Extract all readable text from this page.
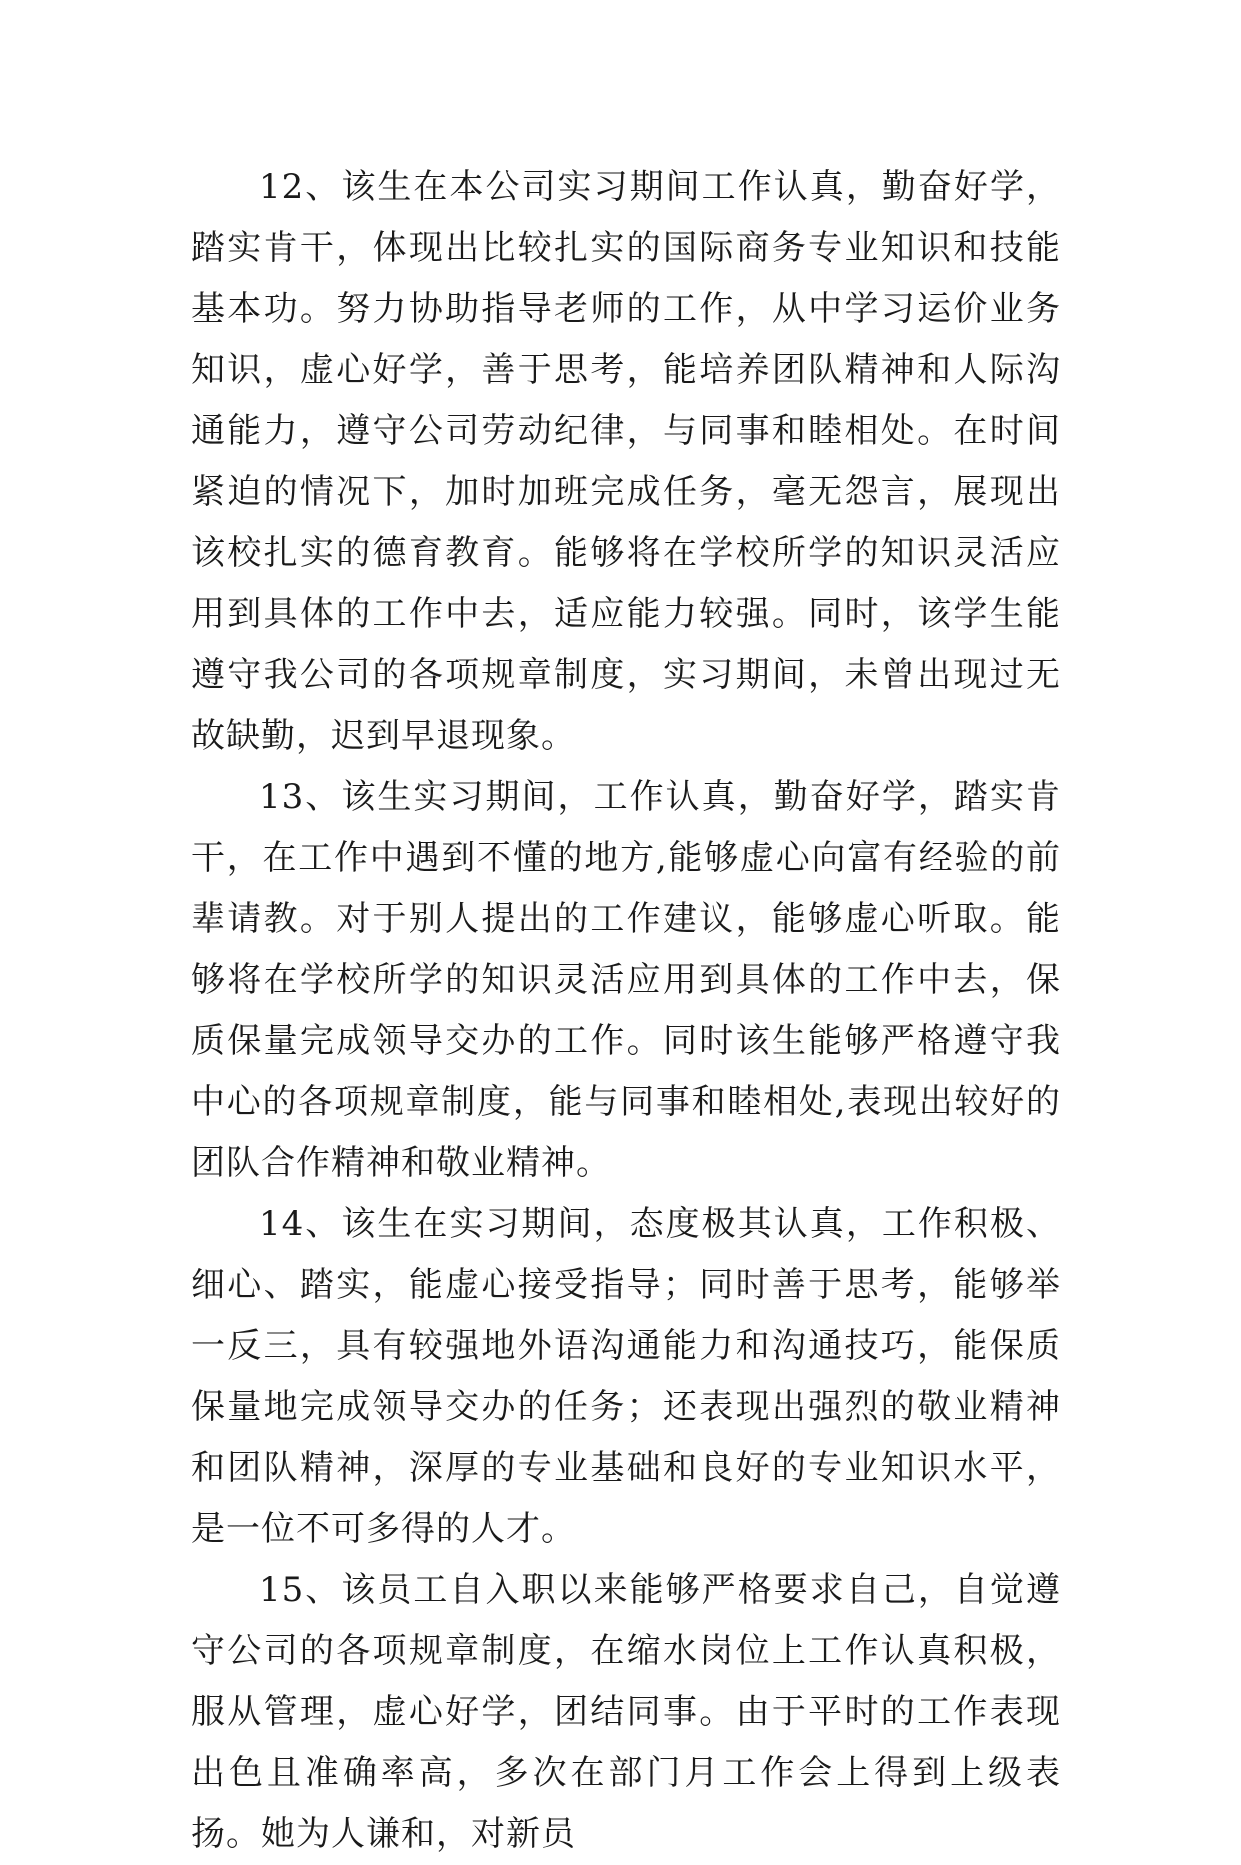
12、该生在本公司实习期间工作认真，勤奋好学，踏实肯干，体现出比较扎实的国际商务专业知识和技能基本功。努力协助指导老师的工作，从中学习运价业务知识，虚心好学，善于思考，能培养团队精神和人际沟通能力，遵守公司劳动纪律，与同事和睦相处。在时间紧迫的情况下，加时加班完成任务，毫无怨言，展现出该校扎实的德育教育。能够将在学校所学的知识灵活应用到具体的工作中去，适应能力较强。同时，该学生能遵守我公司的各项规章制度，实习期间，未曾出现过无故缺勤，迟到早退现象。

13、该生实习期间，工作认真，勤奋好学，踏实肯干，在工作中遇到不懂的地方,能够虚心向富有经验的前辈请教。对于别人提出的工作建议，能够虚心听取。能够将在学校所学的知识灵活应用到具体的工作中去，保质保量完成领导交办的工作。同时该生能够严格遵守我中心的各项规章制度，能与同事和睦相处,表现出较好的团队合作精神和敬业精神。

14、该生在实习期间，态度极其认真，工作积极、细心、踏实，能虚心接受指导；同时善于思考，能够举一反三，具有较强地外语沟通能力和沟通技巧，能保质保量地完成领导交办的任务；还表现出强烈的敬业精神和团队精神，深厚的专业基础和良好的专业知识水平，是一位不可多得的人才。

15、该员工自入职以来能够严格要求自己，自觉遵守公司的各项规章制度，在缩水岗位上工作认真积极，服从管理，虚心好学，团结同事。由于平时的工作表现出色且准确率高，多次在部门月工作会上得到上级表扬。她为人谦和，对新员
